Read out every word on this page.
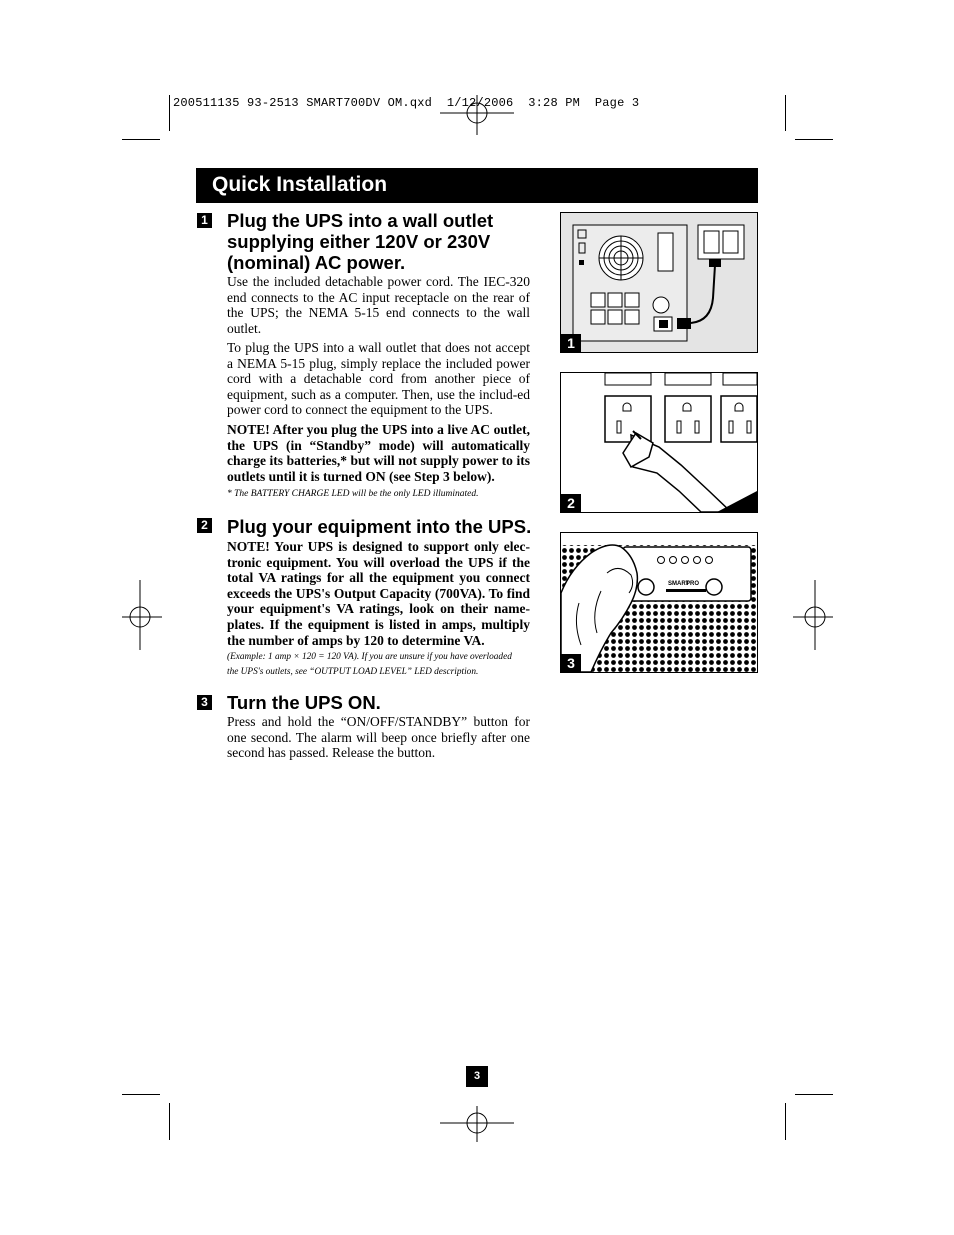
200511135 93-2513 SMART700DV OM.qxd  1/12/2006  3:28 PM  Page 3
Quick Installation
1 Plug the UPS into a wall outlet
supplying either 120V or 230V
(nominal) AC power.
Use the included detachable power cord. The IEC-320 end connects to the AC input receptacle on the rear of the UPS; the NEMA 5-15 end connects to the wall outlet.
To plug the UPS into a wall outlet that does not accept a NEMA 5-15 plug, simply replace the included power cord with a detachable cord from another piece of equipment, such as a computer. Then, use the includ-ed power cord to connect the equipment to the UPS.
NOTE! After you plug the UPS into a live AC outlet, the UPS (in “Standby” mode) will automatically charge its batteries,* but will not supply power to its outlets until it is turned ON (see Step 3 below).
* The BATTERY CHARGE LED will be the only LED illuminated.
2 Plug your equipment into the UPS.
NOTE! Your UPS is designed to support only elec-tronic equipment. You will overload the UPS if the total VA ratings for all the equipment you connect exceeds the UPS's Output Capacity (700VA). To find your equipment's VA ratings, look on their name-plates. If the equipment is listed in amps, multiply the number of amps by 120 to determine VA.
(Example: 1 amp × 120 = 120 VA). If you are unsure if you have overloaded
the UPS's outlets, see “OUTPUT LOAD LEVEL” LED description.
3 Turn the UPS ON.
Press and hold the “ON/OFF/STANDBY” button for one second. The alarm will beep once briefly after one second has passed. Release the button.
1
2
SMART
PRO
3
3
